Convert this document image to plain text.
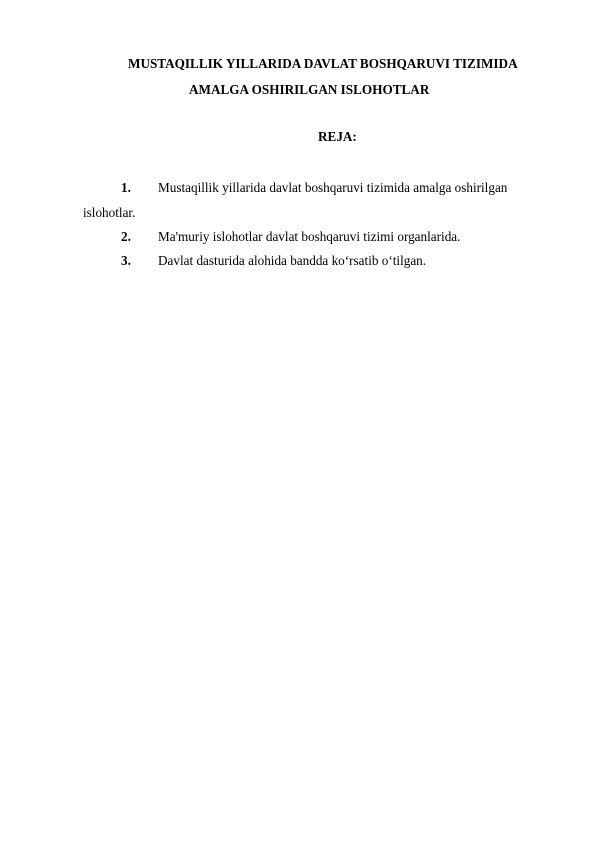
MUSTAQILLIK YILLARIDA DAVLAT BOSHQARUVI TIZIMIDA
AMALGA OSHIRILGAN ISLOHOTLAR
REJA:
1. Mustaqillik yillarida davlat boshqaruvi tizimida amalga oshirilgan
islohotlar.
2. Ma'muriy islohotlar davlat boshqaruvi tizimi organlarida.
3. Davlat dasturida alohida bandda ko‘rsatib o‘tilgan.
